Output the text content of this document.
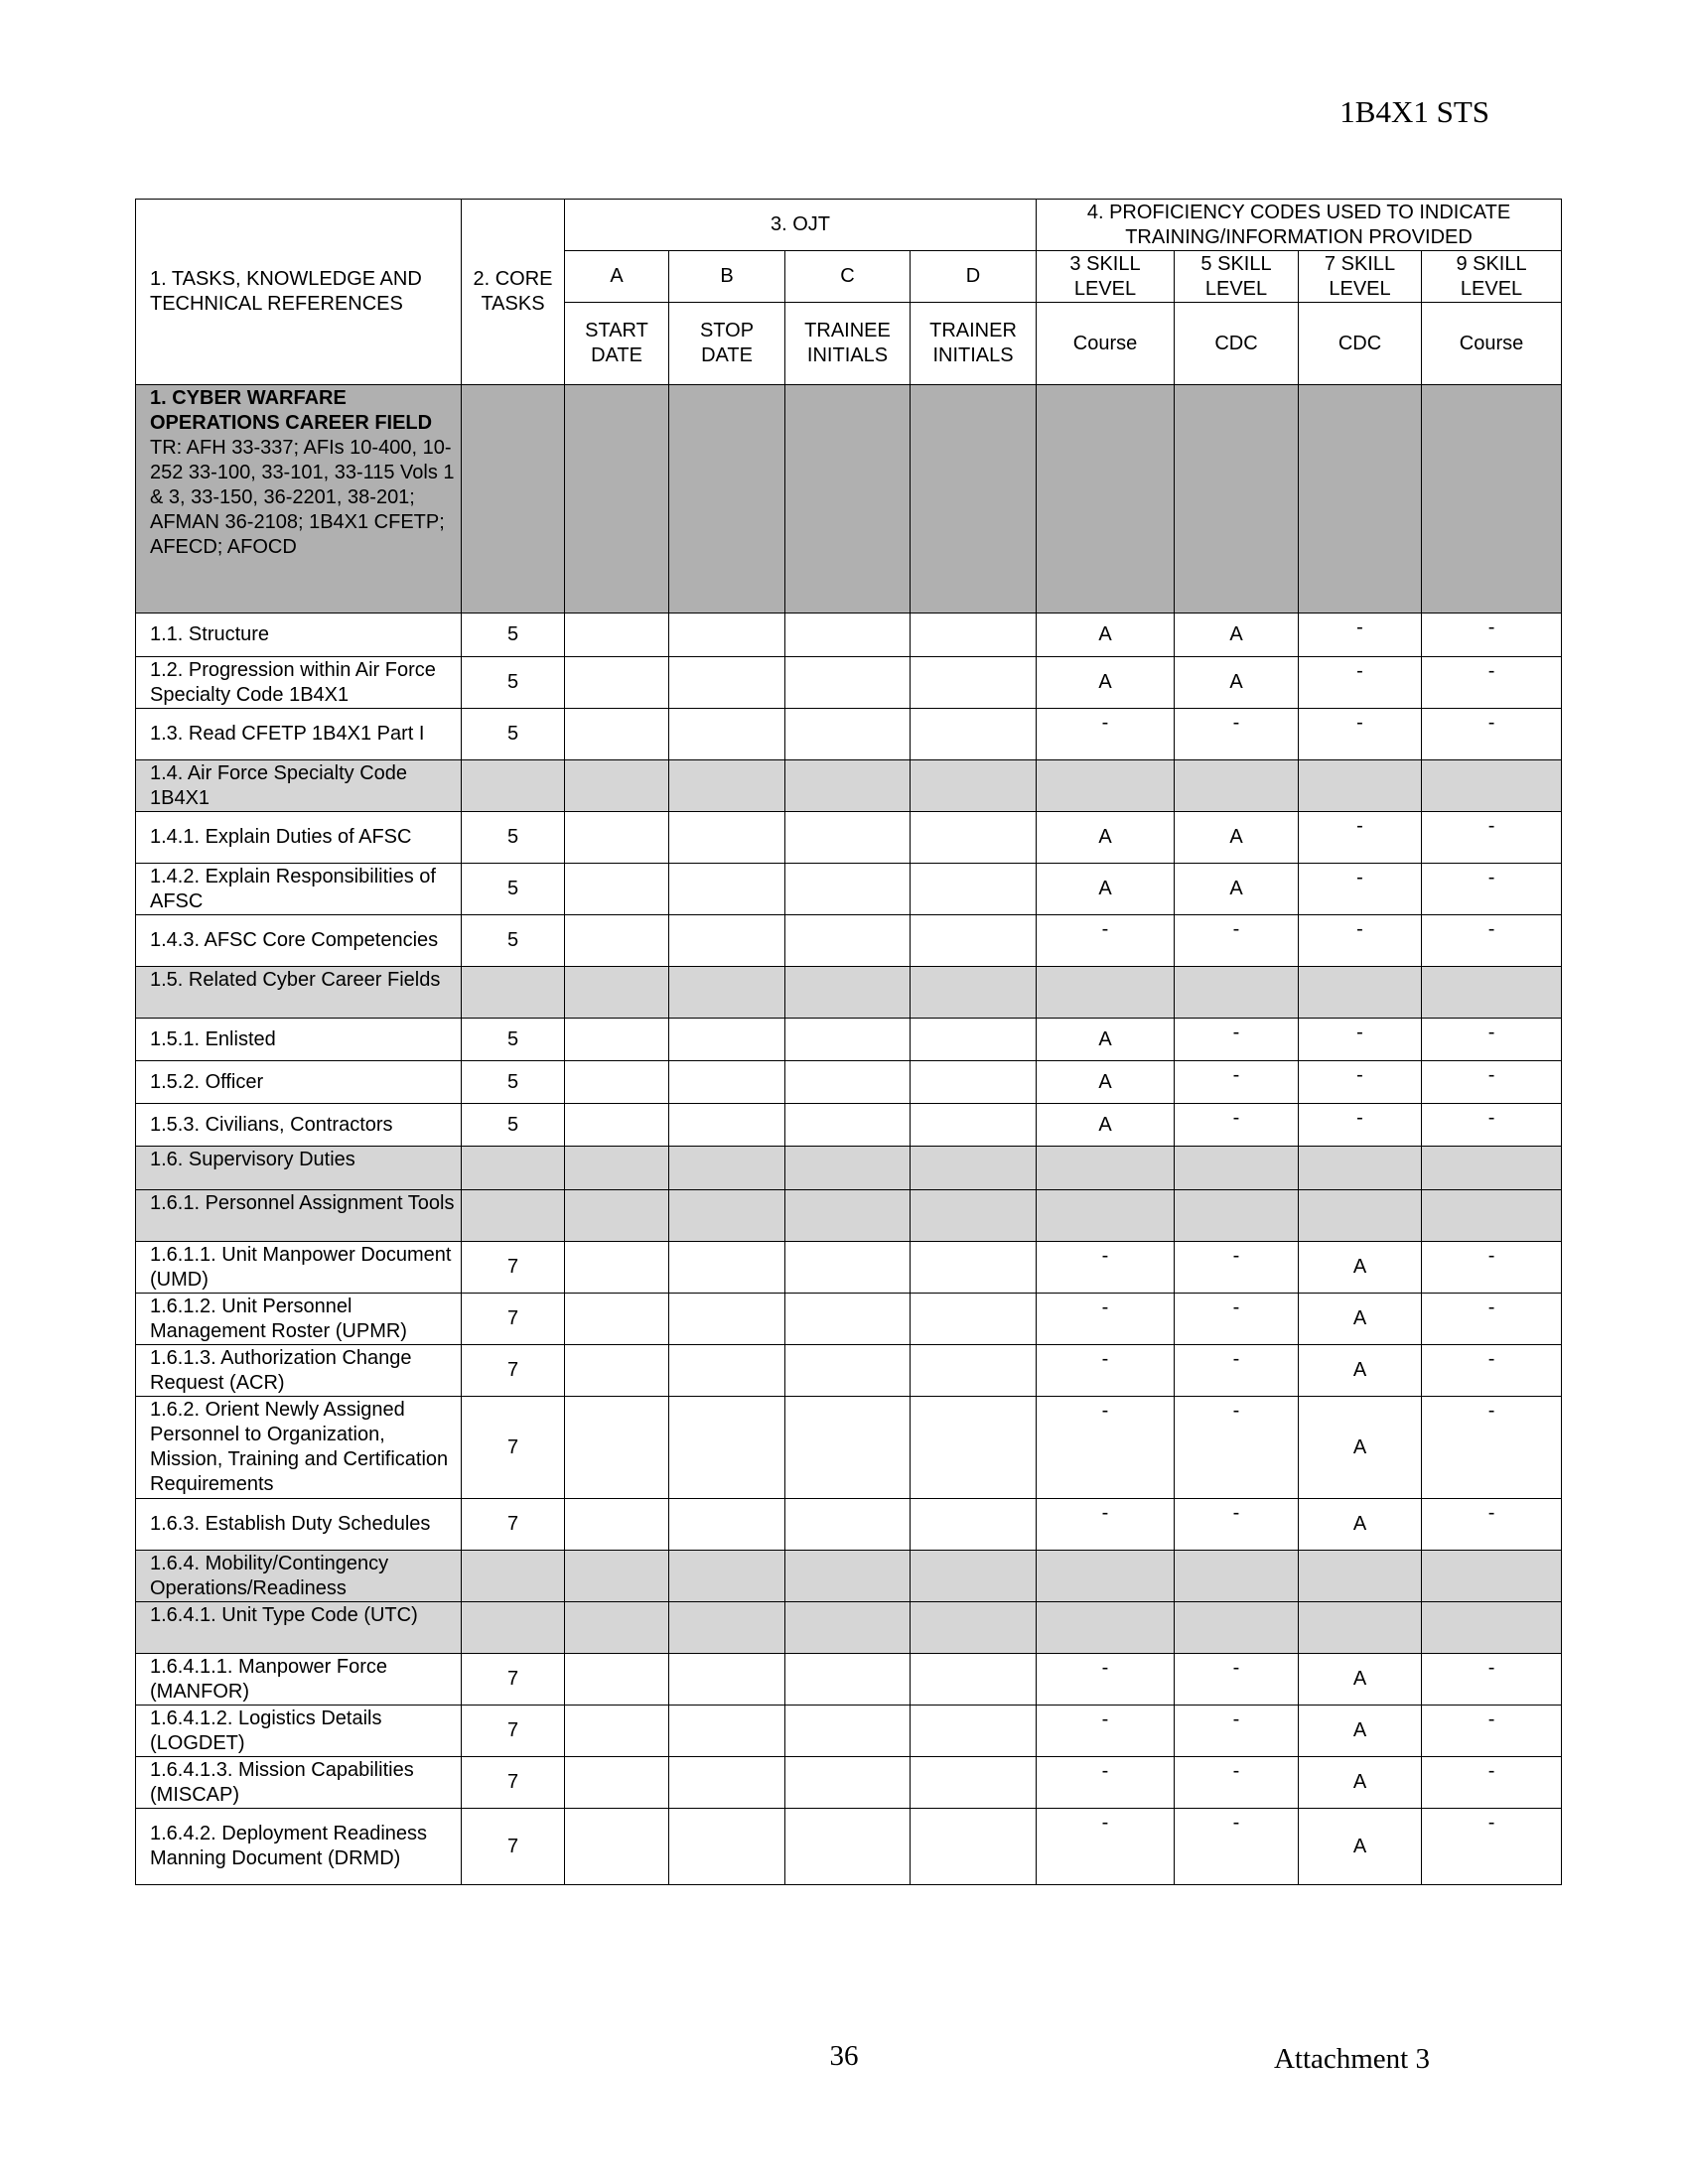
1B4X1 STS
1. TASKS, KNOWLEDGE AND TECHNICAL REFERENCES	2. CORE TASKS	3. OJT				4. PROFICIENCY CODES USED TO INDICATE TRAINING/INFORMATION PROVIDED			
		A	B	C	D	3 SKILL LEVEL	5 SKILL LEVEL	7 SKILL LEVEL	9 SKILL LEVEL
		START DATE	STOP DATE	TRAINEE INITIALS	TRAINER INITIALS	Course	CDC	CDC	Course

1. CYBER WARFARE OPERATIONS CAREER FIELD
TR: AFH 33-337; AFIs 10-400, 10-252 33-100, 33-101, 33-115 Vols 1 & 3, 33-150, 36-2201, 38-201; AFMAN 36-2108; 1B4X1 CFETP; AFECD; AFOCD									

1.1. Structure	5					A	A	-	-
1.2. Progression within Air Force Specialty Code 1B4X1	5					A	A	-	-
1.3. Read CFETP 1B4X1 Part I	5					-	-	-	-
1.4. Air Force Specialty Code 1B4X1									
1.4.1. Explain Duties of AFSC	5					A	A	-	-
1.4.2. Explain Responsibilities of AFSC	5					A	A	-	-
1.4.3. AFSC Core Competencies	5					-	-	-	-
1.5. Related Cyber Career Fields									
1.5.1. Enlisted	5					A	-	-	-
1.5.2. Officer	5					A	-	-	-
1.5.3. Civilians, Contractors	5					A	-	-	-
1.6. Supervisory Duties									
1.6.1. Personnel Assignment Tools									
1.6.1.1. Unit Manpower Document (UMD)	7					-	-	A	-
1.6.1.2. Unit Personnel Management Roster (UPMR)	7					-	-	A	-
1.6.1.3. Authorization Change Request (ACR)	7					-	-	A	-
1.6.2. Orient Newly Assigned Personnel to Organization, Mission, Training and Certification Requirements	7					-	-	A	-
1.6.3. Establish Duty Schedules	7					-	-	A	-
1.6.4. Mobility/Contingency Operations/Readiness									
1.6.4.1. Unit Type Code (UTC)									
1.6.4.1.1. Manpower Force (MANFOR)	7					-	-	A	-
1.6.4.1.2. Logistics Details (LOGDET)	7					-	-	A	-
1.6.4.1.3. Mission Capabilities (MISCAP)	7					-	-	A	-
1.6.4.2. Deployment Readiness Manning Document (DRMD)	7					-	-	A	-
36	Attachment 3
